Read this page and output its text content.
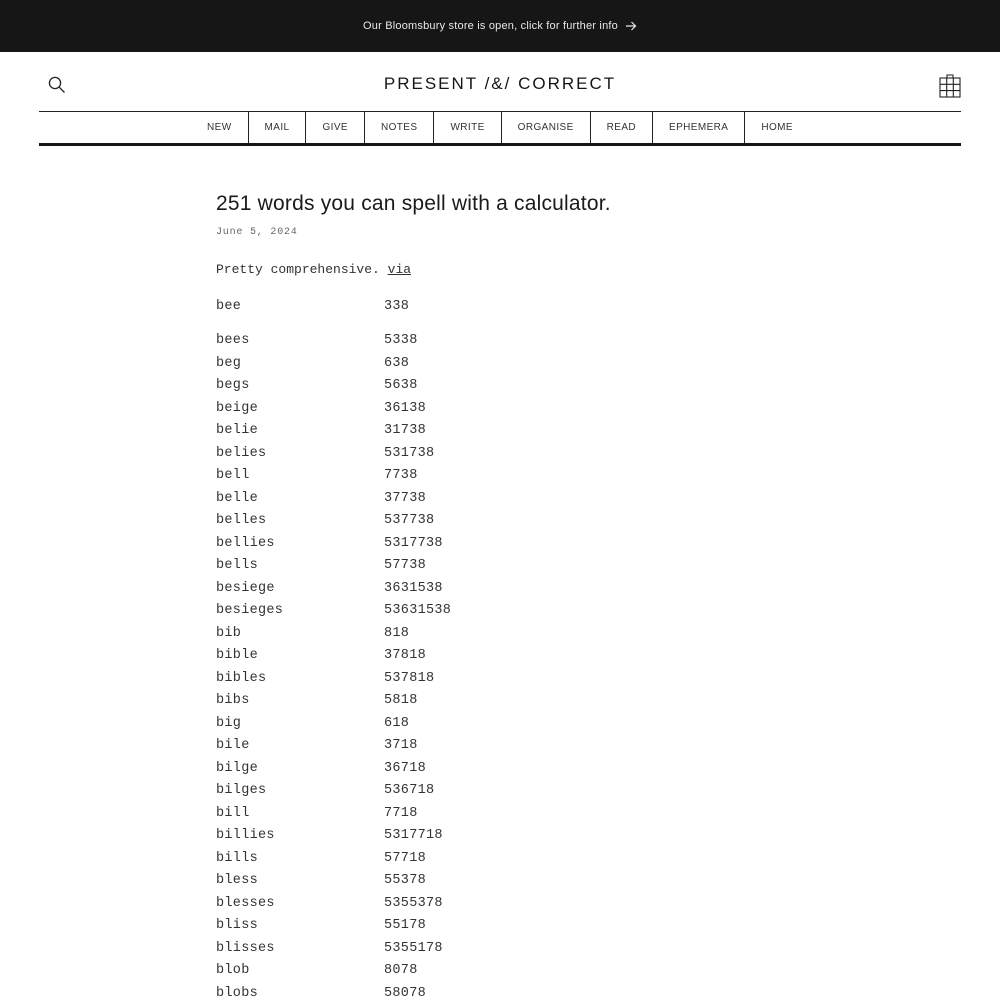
Our Bloomsbury store is open, click for further info
PRESENT /&/ CORRECT
NEW	MAIL	GIVE	NOTES	WRITE	ORGANISE	READ	EPHEMERA	HOME
251 words you can spell with a calculator.
June 5, 2024
Pretty comprehensive. via
bee	338
bees	5338
beg	638
begs	5638
beige	36138
belie	31738
belies	531738
bell	7738
belle	37738
belles	537738
bellies	5317738
bells	57738
besiege	3631538
besieges	53631538
bib	818
bible	37818
bibles	537818
bibs	5818
big	618
bile	3718
bilge	36718
bilges	536718
bill	7718
billies	5317718
bills	57718
bless	55378
blesses	5355378
bliss	55178
blisses	5355178
blob	8078
blobs	58078
